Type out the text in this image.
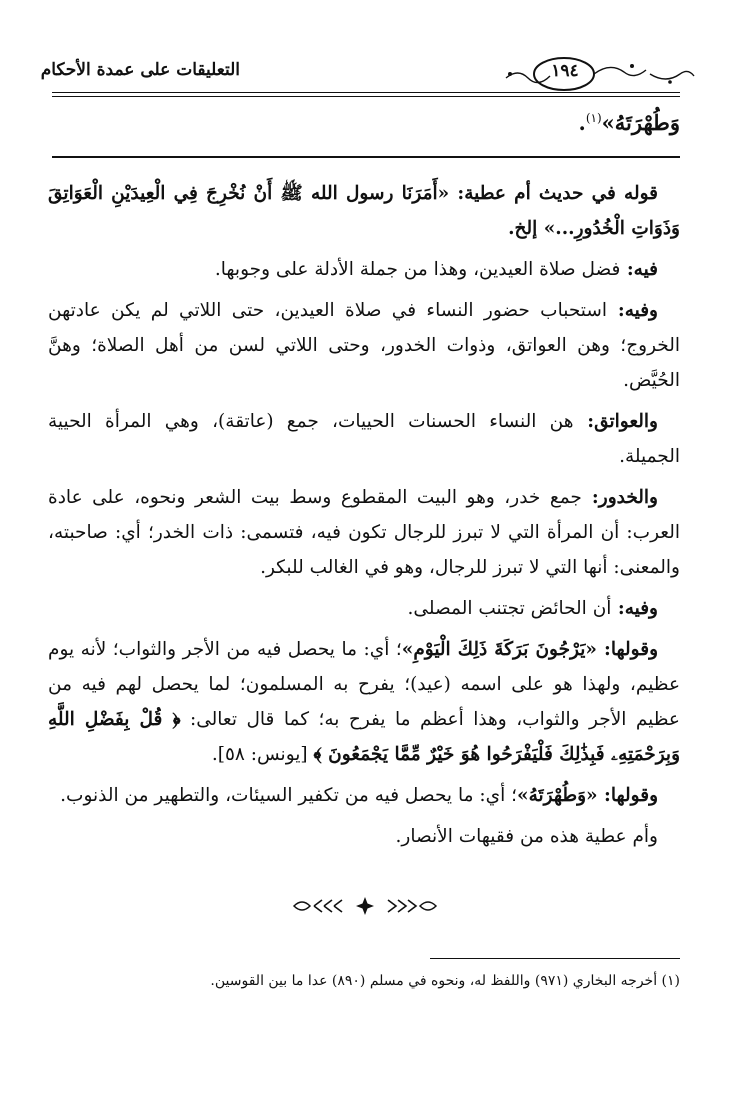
التعليقات على عمدة الأحكام	١٩٤
وَطُهْرَتَهُ»$^{(١)}$.

قوله في حديث أم عطية: «أَمَرَنَا رسول الله ﷺ أَنْ نُخْرِجَ فِي الْعِيدَيْنِ الْعَوَاتِقَ وَذَوَاتِ الْخُدُورِ...» إلخ.

فيه: فضل صلاة العيدين، وهذا من جملة الأدلة على وجوبها.

وفيه: استحباب حضور النساء في صلاة العيدين، حتى اللاتي لم يكن عادتهن الخروج؛ وهن العواتق، وذوات الخدور، وحتى اللاتي لسن من أهل الصلاة؛ وهنَّ الحُيَّض.

والعواتق: هن النساء الحسنات الحييات، جمع (عاتقة)، وهي المرأة الحيية الجميلة.

والخدور: جمع خدر، وهو البيت المقطوع وسط بيت الشعر ونحوه، على عادة العرب: أن المرأة التي لا تبرز للرجال تكون فيه، فتسمى: ذات الخدر؛ أي: صاحبته، والمعنى: أنها التي لا تبرز للرجال، وهو في الغالب للبكر.

وفيه: أن الحائض تجتنب المصلى.

وقولها: «يَرْجُونَ بَرَكَةَ ذَلِكَ الْيَوْمِ»؛ أي: ما يحصل فيه من الأجر والثواب؛ لأنه يوم عظيم، ولهذا هو على اسمه (عيد)؛ يفرح به المسلمون؛ لما يحصل لهم فيه من عظيم الأجر والثواب، وهذا أعظم ما يفرح به؛ كما قال تعالى: ﴿ قُلْ بِفَضْلِ اللَّهِ وَبِرَحْمَتِهِۦ فَبِذَٰلِكَ فَلْيَفْرَحُوا هُوَ خَيْرٌ مِّمَّا يَجْمَعُونَ ﴾ [يونس: ٥٨].

وقولها: «وَطُهْرَتَهُ»؛ أي: ما يحصل فيه من تكفير السيئات، والتطهير من الذنوب.

وأم عطية هذه من فقيهات الأنصار.

(١) أخرجه البخاري (٩٧١) واللفظ له، ونحوه في مسلم (٨٩٠) عدا ما بين القوسين.
